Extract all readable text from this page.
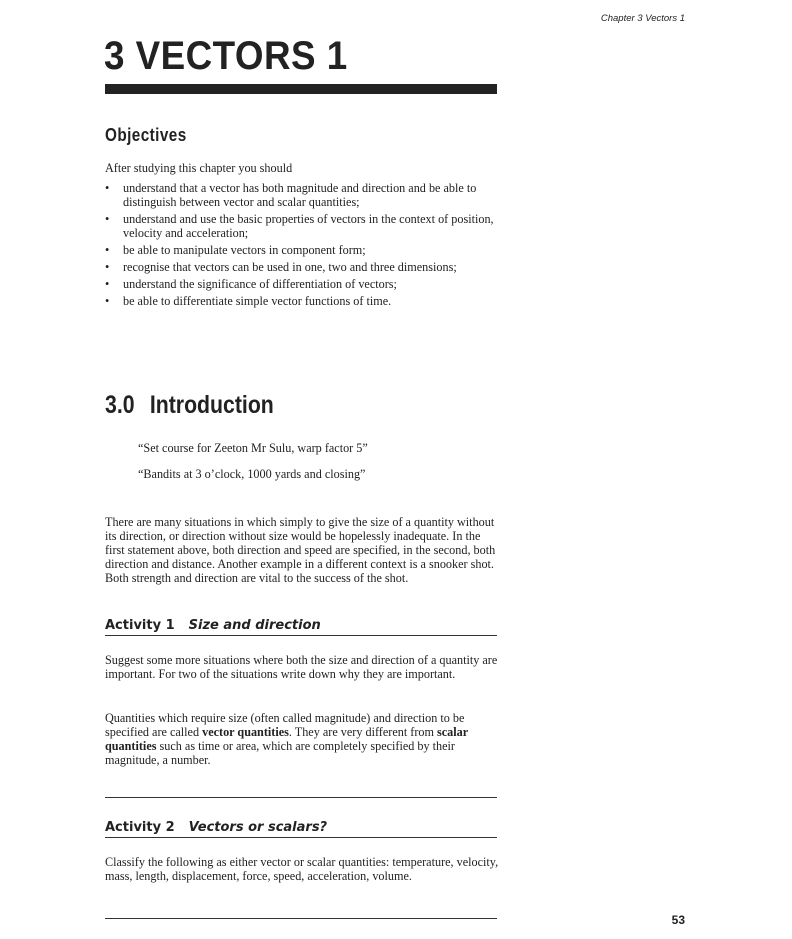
Chapter 3 Vectors 1
3 VECTORS 1
Objectives

After studying this chapter you should

• understand that a vector has both magnitude and direction and be able to distinguish between vector and scalar quantities;
• understand and use the basic properties of vectors in the context of position, velocity and acceleration;
• be able to manipulate vectors in component form;
• recognise that vectors can be used in one, two and three dimensions;
• understand the significance of differentiation of vectors;
• be able to differentiate simple vector functions of time.
3.0 Introduction

“Set course for Zeeton Mr Sulu, warp factor 5”

“Bandits at 3 o’clock, 1000 yards and closing”

There are many situations in which simply to give the size of a quantity without its direction, or direction without size would be hopelessly inadequate. In the first statement above, both direction and speed are specified, in the second, both direction and distance. Another example in a different context is a snooker shot. Both strength and direction are vital to the success of the shot.

Activity 1 Size and direction

Suggest some more situations where both the size and direction of a quantity are important. For two of the situations write down why they are important.

Quantities which require size (often called magnitude) and direction to be specified are called vector quantities. They are very different from scalar quantities such as time or area, which are completely specified by their magnitude, a number.

Activity 2 Vectors or scalars?

Classify the following as either vector or scalar quantities: temperature, velocity, mass, length, displacement, force, speed, acceleration, volume.

53
